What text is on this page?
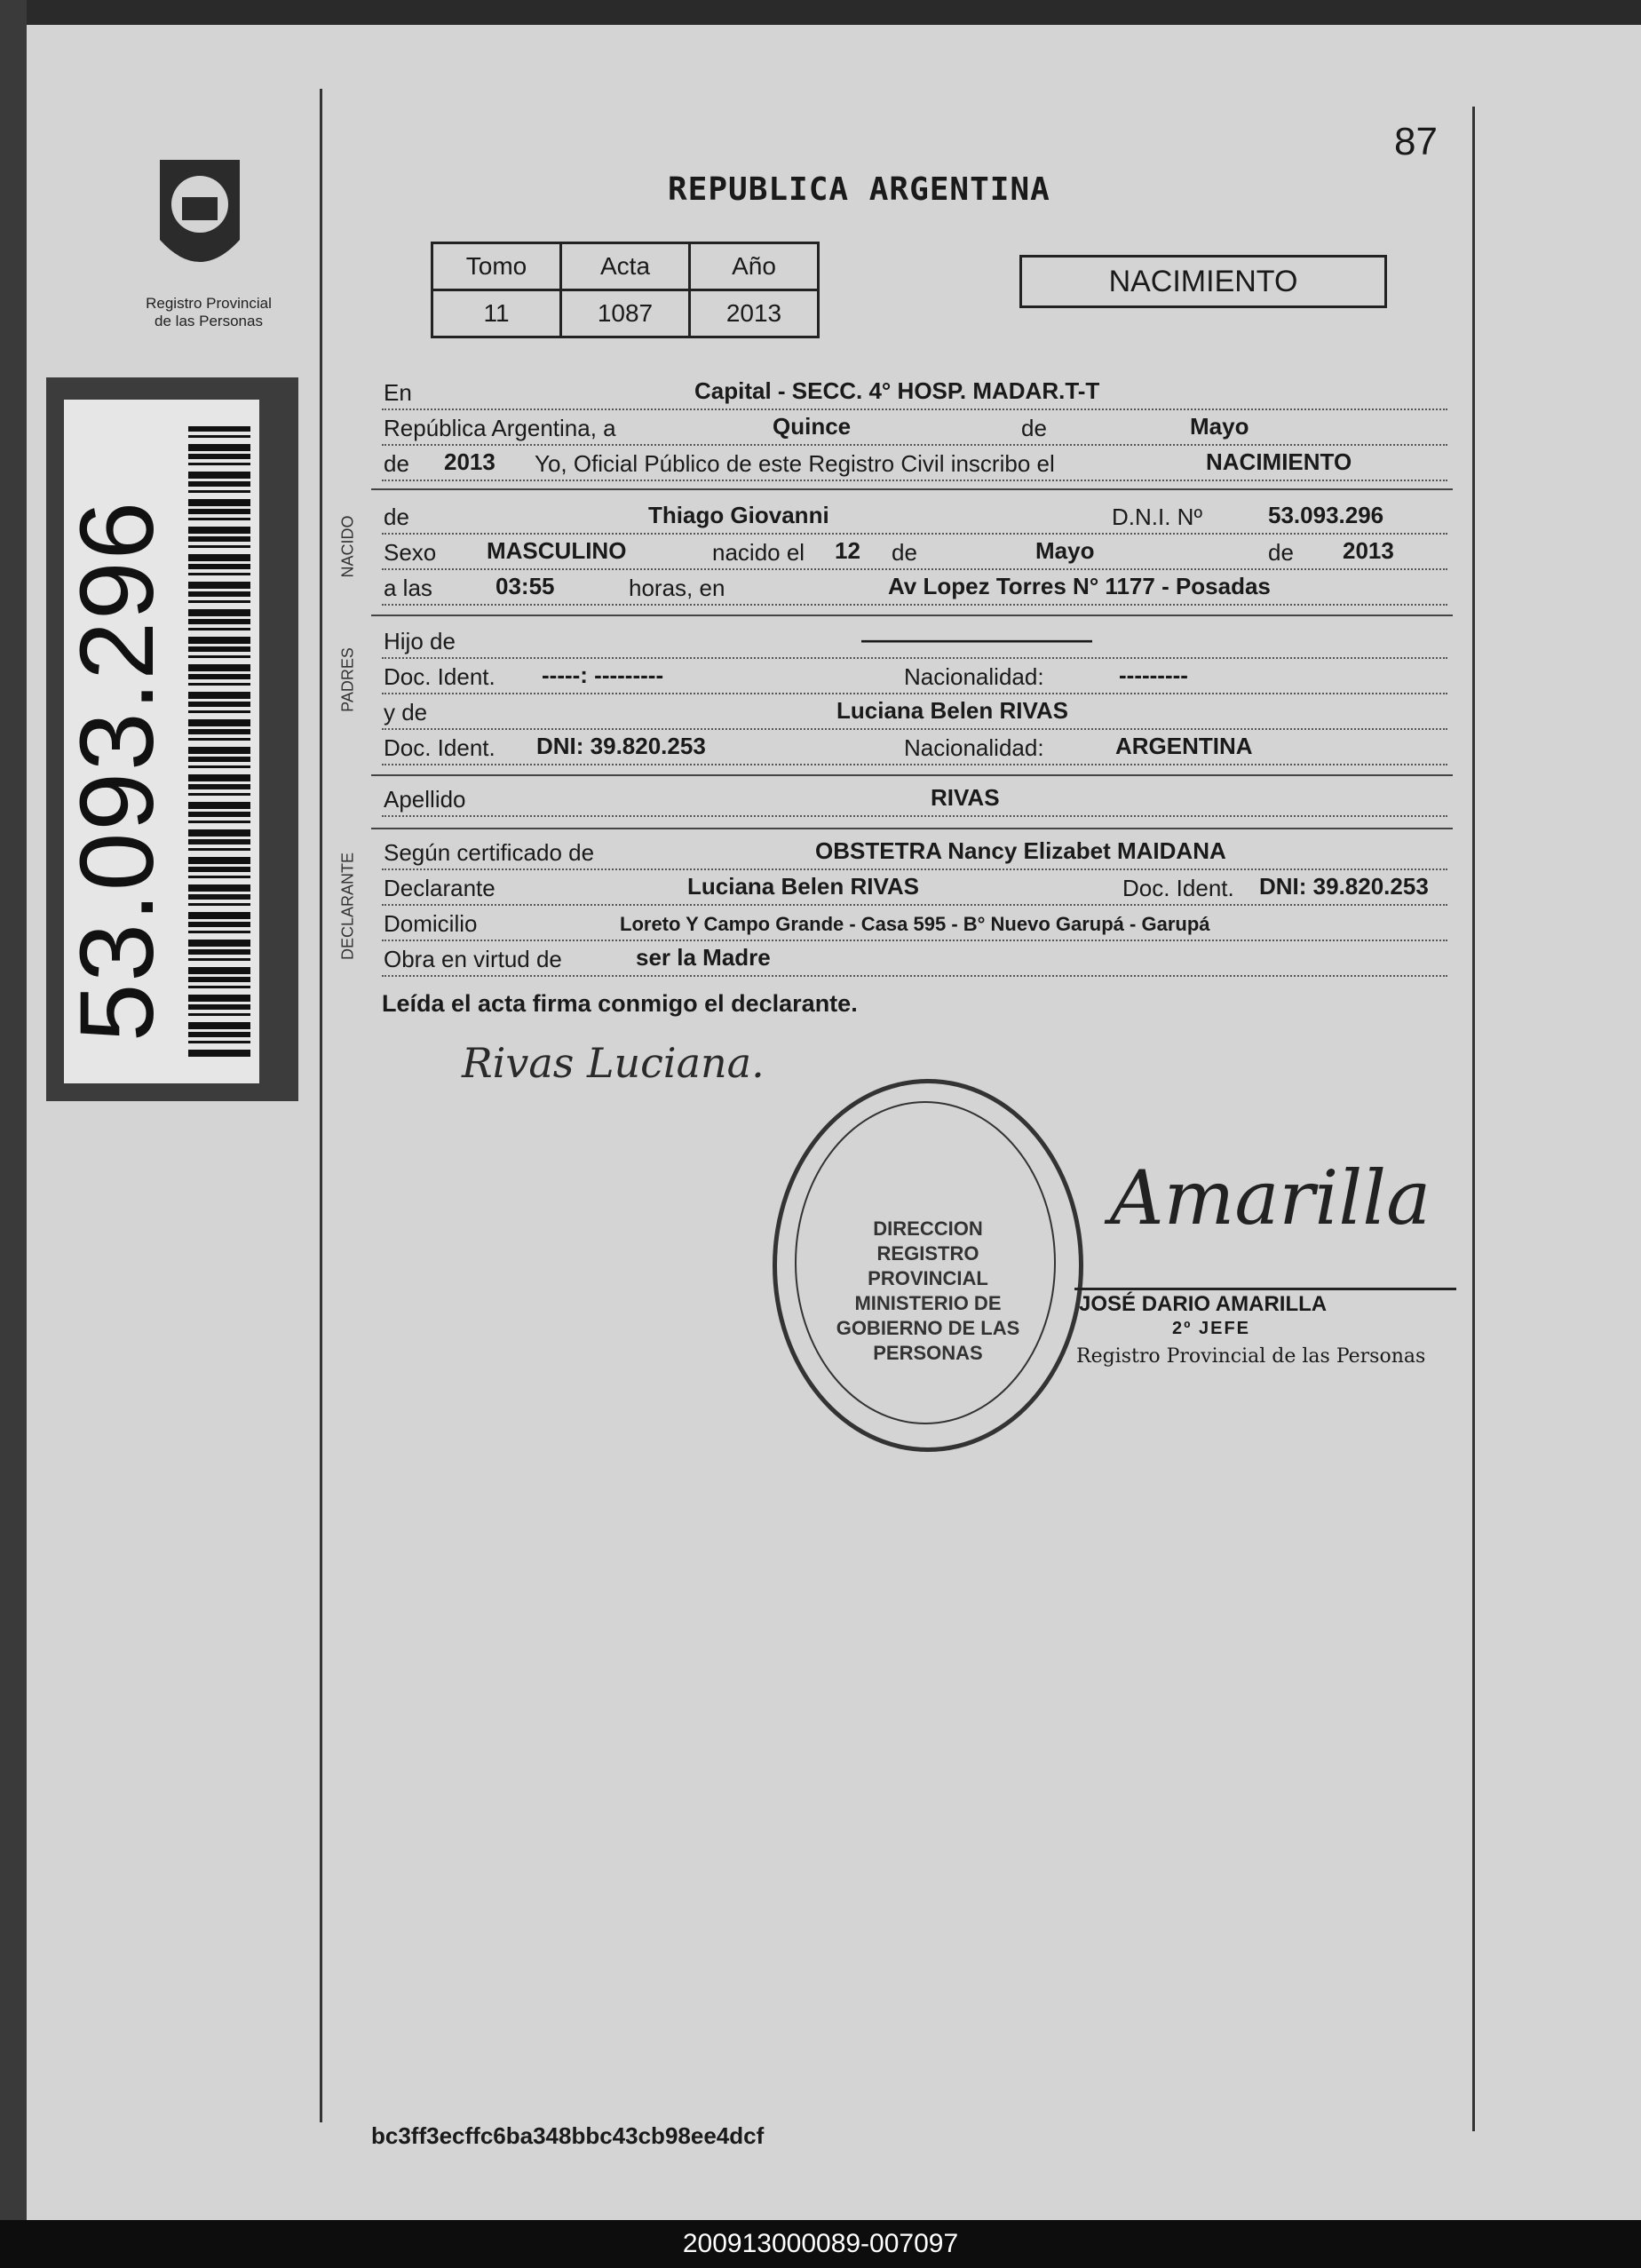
87
REPUBLICA ARGENTINA
Registro Provincial
de las Personas
Tomo	Acta	Año
11	1087	2013
NACIMIENTO
53.093.296
En	Capital - SECC. 4° HOSP. MADAR.T-T
República Argentina, a	Quince	de	Mayo
de 2013 Yo, Oficial Público de este Registro Civil inscribo el	NACIMIENTO
NACIDO de	Thiago Giovanni	D.N.I. Nº	53.093.296
Sexo MASCULINO	nacido el 12 de	Mayo	de 2013
a las	03:55	horas, en	Av Lopez Torres N° 1177 - Posadas
PADRES
Hijo de	——————————
Doc. Ident. -----: ---------	Nacionalidad:	---------
y de	Luciana Belen RIVAS
Doc. Ident. DNI: 39.820.253	Nacionalidad:	ARGENTINA
Apellido	RIVAS
DECLARANTE Según certificado de	OBSTETRA Nancy Elizabet MAIDANA
Declarante	Luciana Belen RIVAS	Doc. Ident. DNI: 39.820.253
Domicilio	Loreto Y Campo Grande - Casa 595 - B° Nuevo Garupá - Garupá
Obra en virtud de	ser la Madre
Leída el acta firma conmigo el declarante.
Rivas Luciana.
DIRECCION REGISTRO PROVINCIAL MINISTERIO DE GOBIERNO DE LAS PERSONAS
Amarilla
JOSÉ DARIO AMARILLA
2º JEFE
Registro Provincial de las Personas
bc3ff3ecffc6ba348bbc43cb98ee4dcf
200913000089-007097
